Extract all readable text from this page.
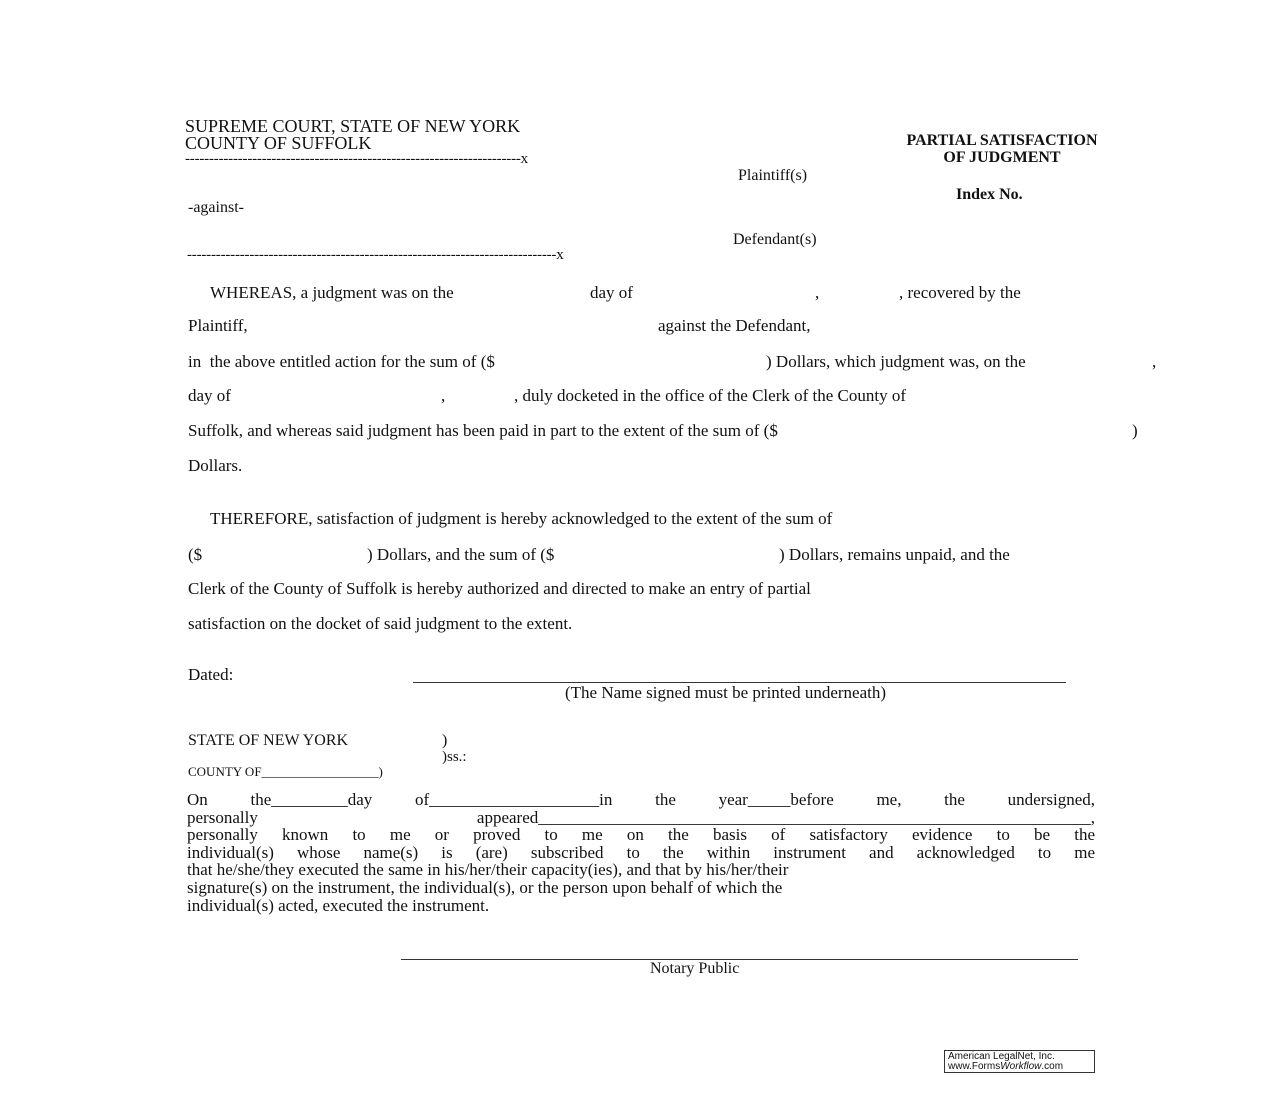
SUPREME COURT, STATE OF NEW YORK
COUNTY OF SUFFOLK
----------------------------------------------------------------------x
PARTIAL SATISFACTION
OF JUDGMENT
Plaintiff(s)
Index No.
-against-
Defendant(s)
-----------------------------------------------------------------------------x
WHEREAS, a judgment was on the	day of	,	, recovered by the
Plaintiff,	against the Defendant,
in  the above entitled action for the sum of ($	) Dollars, which judgment was, on the	,
day of	,	, duly docketed in the office of the Clerk of the County of
Suffolk, and whereas said judgment has been paid in part to the extent of the sum of ($	)
Dollars.
THEREFORE, satisfaction of judgment is hereby acknowledged to the extent of the sum of
($	) Dollars, and the sum of ($	) Dollars, remains unpaid, and the
Clerk of the County of Suffolk is hereby authorized and directed to make an entry of partial
satisfaction on the docket of said judgment to the extent.
Dated:
(The Name signed must be printed underneath)
STATE OF NEW YORK	)
)ss.:
COUNTY OF__________________)
On the_________day of____________________in the year_____before me, the undersigned,
personally appeared_________________________________________________________________,
personally known to me or proved to me on the basis of satisfactory evidence to be the
individual(s) whose name(s) is (are) subscribed to the within instrument and acknowledged to me
that he/she/they executed the same in his/her/their capacity(ies), and that by his/her/their
signature(s) on the instrument, the individual(s), or the person upon behalf of which the
individual(s) acted, executed the instrument.
Notary Public
American LegalNet, Inc.
www.FormsWorkflow.com
